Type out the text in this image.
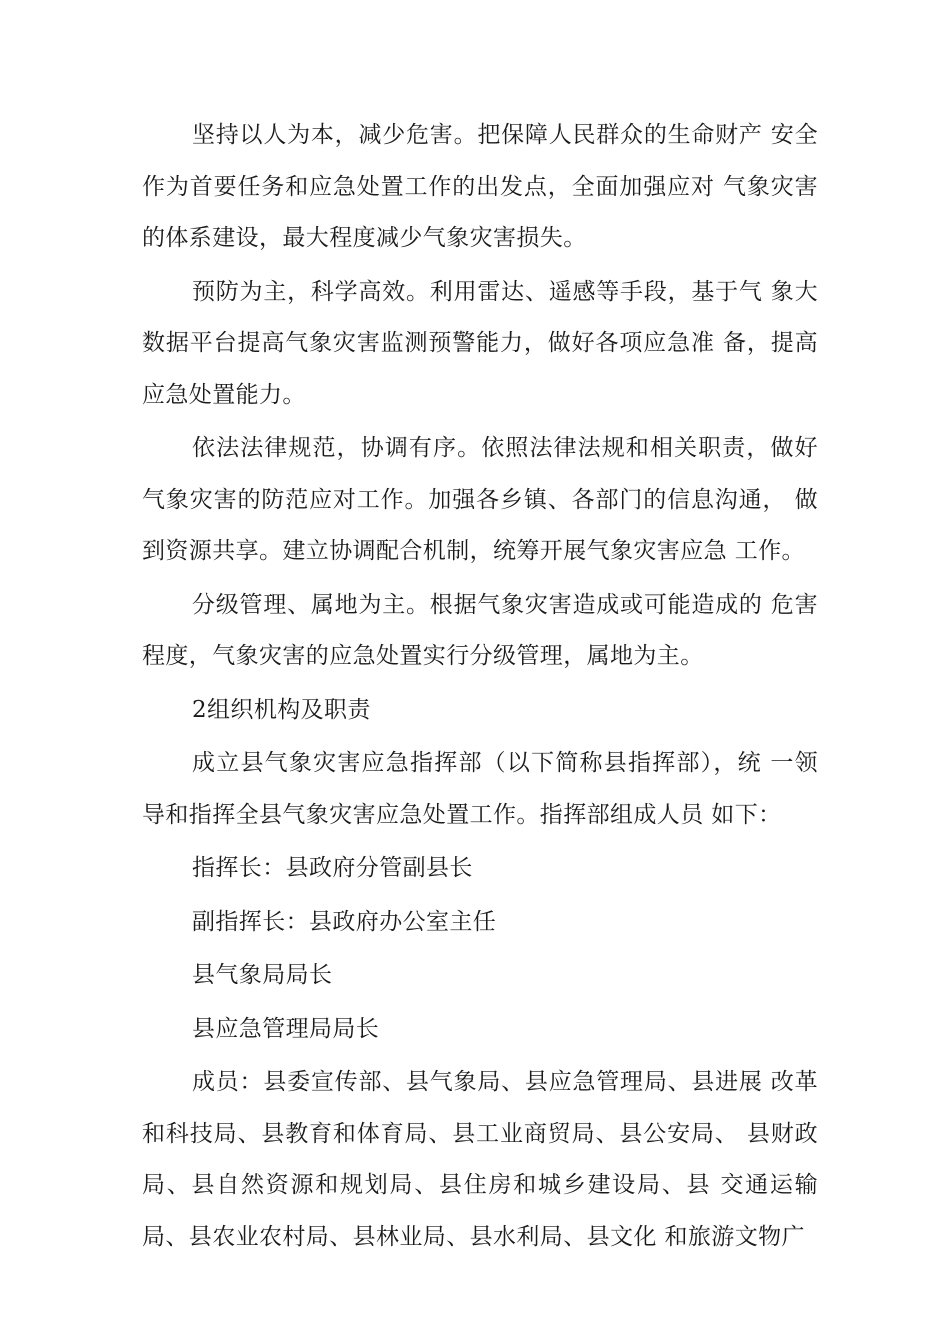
坚持以人为本，减少危害。把保障人民群众的生命财产 安全作为首要任务和应急处置工作的出发点，全面加强应对 气象灾害的体系建设，最大程度减少气象灾害损失。

预防为主，科学高效。利用雷达、遥感等手段，基于气 象大数据平台提高气象灾害监测预警能力，做好各项应急准 备，提高应急处置能力。

依法法律规范，协调有序。依照法律法规和相关职责，做好气象灾害的防范应对工作。加强各乡镇、各部门的信息沟通， 做到资源共享。建立协调配合机制，统筹开展气象灾害应急 工作。

分级管理、属地为主。根据气象灾害造成或可能造成的 危害程度，气象灾害的应急处置实行分级管理，属地为主。

2组织机构及职责

成立县气象灾害应急指挥部（以下简称县指挥部），统 一领导和指挥全县气象灾害应急处置工作。指挥部组成人员 如下：

指挥长：县政府分管副县长

副指挥长：县政府办公室主任

县气象局局长

县应急管理局局长

成员：县委宣传部、县气象局、县应急管理局、县进展 改革和科技局、县教育和体育局、县工业商贸局、县公安局、 县财政局、县自然资源和规划局、县住房和城乡建设局、县 交通运输局、县农业农村局、县林业局、县水利局、县文化 和旅游文物广
